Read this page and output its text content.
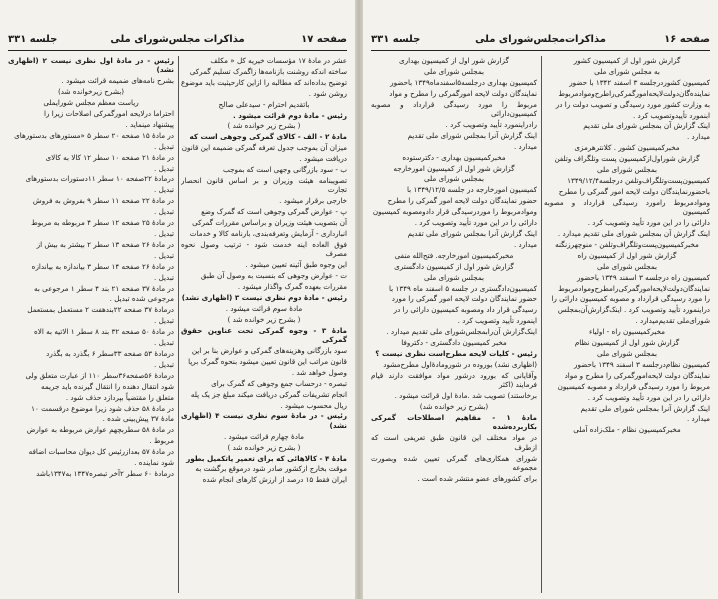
صفحه ۱۷
مذاکرات مجلس‌شورای ملی
جلسه ۳۳۱

عشر در مادهٔ ۱۷ مؤسسات خیریه کل « مکلف

ساخته اندکه روشنت بازنامه‌ها زاگمرک تسلیم گمرکی

توضیح بداده‌اند که مطالبه را ازاین کارحیثیت باید موضوع

روشن شود .

باتقدیم احترام - سیدعلی صالح

رئیس - مادهٔ دوم قرائت میشود .

( بشرح زیر خوانده شد )

مادهٔ ۲ - الف - کالای گمرکی وجوهی است که

میزان آن بموجب جدول تعرفه گمرکی ضمیمه این قانون

دریافت میشود .

ب - سود بازرگانی وجهی است که بموجب

تصویبنامه هیئت وزیران و بر اساس قانون انحصار تجارت

خارجی برقرار میشود .

پ - عوارض گمرکی وجوهی است که گمرک وضع

آن بتصویب هیئت وزیران و براساس مقررات گمرکی

انبارداری - آزمایش وتعرفه‌بندی، بارنامه کالا و خدمات

فوق العاده اینه خدمت شود - ترتیب وصول نحوه مصرف

این وجوه طبق آئینه تعیین میشود .

ت - عوارض وجوهی که بنسبت به وصول آن طبق

مقررات بعهده گمرک واگذار میشود .

رئیس - مادهٔ دوم نظری نیست ۳ (اظهاری نشد)

مادهٔ سوم قرائت میشود .

( بشرح زیر خوانده شد )

مادهٔ ۳ - وجوه گمرکی تحت عناوین حقوق گمرکی

سود بازرگانی وهزینه‌های گمرکی و عوارض بنا بر این

قانون مراتب این قانون تعیین میشود بنحوه گمرک برپا

وصول خواهد شد .

تبصره - درحساب جمع وجوهی که گمرک برای

انجام تشریفات گمرکی دریافت میکند مبلغ جز یک پله

ریال محسوب میشود .

رئیس - در مادهٔ سوم نظری نیست ۴ (اظهاری نشد)

مادهٔ چهارم قرائت میشود .

( بشرح زیر خوانده شد )

مادهٔ ۴ - کالاهائی که برای تعمیر یاتکمیل بطور

موقت بخارج ازکشور صادر شود درموقع برگشت به

ایران فقط ۱۵ درصد از ارزش کارهای انجام شده

رئیس - در مادهٔ اول نظری نیست ۲ (اظهاری نشد)

بشرح نامه‌های ضمیمه قرائت میشود .

(بشرح زیرخوانده شد)

ریاست معظم مجلس شورایملی

احتراما درلایحه امورگمرکی اصلاحات زیرا را

پیشنهاد مینماید .

در مادهٔ ۱۵ صفحه ۲۰ سطر ۵ «مستورهای بدستورهای

تبدیل .

در مادهٔ ۲۱ صفحه ۱۰ سطر ۱۲ کالا به کالای

تبدیل .

درمادهٔ ۲۲صفحه ۱۰ سطر ۱۱دستورات بدستورهای

تبدیل .

در مادهٔ ۲۲ صفحه ۱۱ سطر ۹ بفروش به فروش

تبدیل .

در مادهٔ ۲۵ صفحه ۱۲ سطر ۴ مربوطه به مربوط

تبدیل .

در مادهٔ ۲۶ صفحه ۱۳ سطر ۲ بیشتر به بیش از

تبدیل .

در مادهٔ ۲۶ صفحه ۱۴ سطر ۳ بیاندازه به بیاندازه

تبدیل .

در مادهٔ ۳۷ صفحه ۲۱ بند ۴ سطر ۱ مرجوعی به

مرجوعی شده تبدیل .

درمادهٔ ۳۷ صفحه ۲۲بندهفت ۲ مستعمل بمستعمل

تبدیل .

در مادهٔ ۵۰ صفحه ۳۲ بند ۸ سطر ۱ الاتیه به الاه

تبدیل .

درمادهٔ ۵۳ صفحه ۳۳سطر ۶ بگذرد به بگذرد

تبدیل .

درمادهٔ ۵۶صفحه۳۶سطر ۱۱۰ از عبارت متعلق ولی

شود انتقال دهنده را انتقال گیرنده باید جریمه

متعلق را مقتضیاً بپردازد حذف شود .

در مادهٔ ۵۸ حذف شود زیرا موضوع درقسمت ۱۰

مادهٔ ۳۷ پیش‌بینی شده .

در مادهٔ ۵۸ سطربچهم عوارض مربوطه به عوارض

مربوط .

در مادهٔ ۵۷ بعدازرئیس کل دیوان محاسبات اضافه

شود نماینده .

درمادهٔ ۶۰ سطر ۲آخر تبصره۱۳۴۷ به۱۳۴۷باشد

صفحه ۱۶
مذاکرات‌مجلس‌شورای ملی
جلسه ۳۳۱

گزارش شور اول از کمیسیون کشور

به مجلس شورای ملی

کمیسیون کشوردرجلسه ۳ اسفند ۱۳۴۲ با حضور

نماینده‌گان‌دولت‌لایحه‌امورگمرکی‌راطرح‌وموادمربوط

به وزارت کشور مورد رسیدگی و تصویب دولت را در

ابنمورد تأییدوتصویب کرد .

اینک گزارش آن بمجلس شورای ملی تقدیم

میدارد .

مخبرکمیسیون کشور . کلانترهرمزی

گزارش شوراول‌ازکمیسیون پست وتلگراف وتلفن

بمجلس شورای ملی

کمیسیون‌پست‌وتلگراف‌وتلفن درجلسه۱۳۴۹/۱۲/۴

باحضورنمایندگان دولت لایحه امور گمرکی را مطرح

وموادمربوط رامورد رسیدگی قرارداد و مصوبه کمیسیون

دارائی را در این مورد تأیید وتصویب کرد .

اینک گزارش آن بمجلس شورای ملی تقدیم میدارد .

مخبرکمیسیون‌پست‌وتلگراف‌وتلفن - منوچهرزنگنه

گزارش شور اول از کمیسیون راه

بمجلس شورای ملی

کمیسیون راه درجلسه ۳ اسفند ۱۳۴۹ باحضور

نمایندگان‌دولت‌لایحه‌امورگمرکی‌رامطرح‌ومواد‌مربوط

را مورد رسیدگی قرارداد و مصوبه کمیسیون دارائی را

دراینمورد تأیید وتصویب کرد . اینک‌گزارش‌آن‌بمجلس

شورای‌ملی تقدیم‌میدارد .

مخبرکمیسیون راه - اولیاء

گزارش شور اول از کمیسیون نظام

بمجلس شورای ملی

کمیسیون نظام‌درجلسه ۳ اسفند ۱۳۴۹ باحضور

نمایندگان دولت لایحه‌امورگمرکی را مطرح و مواد

مربوط را مورد رسیدگی قرارداد و مصوبه کمیسیون

دارائی را در این مورد تأیید وتصویب کرد .

اینک گزارش آنرا بمجلس شورای ملی تقدیم

میدارد .

مخبرکمیسیون نظام - ملک‌زاده آملی

گزارش شور اول از کمیسیون بهداری

بمجلس شورای ملی

کمیسیون بهداری درجلسه۵اسفندماه۱۳۴۹ باحضور

نمایندگان دولت لایحه امورگمرکی را مطرح و مواد

مربوط را مورد رسیدگی قرارداد و مصوبه کمیسیون‌دارائی

رادراینمورد تأیید وتصویب کرد .

اینک گزارش آنرا بمجلس شورای ملی تقدیم

میدارد .

مخبرکمیسیون بهداری - دکترستوده

گزارش شور اول از کمیسیون امورخارجه

بمجلس شورای ملی

کمیسیون امورخارجه در جلسه ۱۳۴۹/۱۲/۵ با

حضور نمایندگان دولت لایحه امور گمرکی را مطرح

وموادمربوط را موردرسیدگی قرار دادومصوبه کمیسیون

دارائی را در این مورد تأیید وتصویب کرد .

اینک گزارش آنرا بمجلس شورای ملی تقدیم

میدارد .

مخبرکمیسیون امورخارجه. فتح‌الله منفی

گزارش شور اول از کمیسیون دادگستری

بمجلس شورای ملی

کمیسیون‌دادگستری در جلسه ۵ اسفند ماه ۱۳۴۹ با

حضور نمایندگان دولت لایحه امور گمرکی را مورد

رسیدگی قرار داد ومصوبه کمیسیون دارائی را در

اینمورد تأیید وتصویب کرد .

اینک‌گزارش آن‌رابمجلس‌شورای ملی تقدیم میدارد .

مخبر کمیسیون دادگستری - دکتروفا

رئیس - کلیات لایحه مطرح‌است نظری نیست ؟

(اظهاری نشد) بوروده در شورومادهٔ‌اول مطرح‌مشود

وآقایانی که بورود درشور مواد موافقت دارند قیام فرمایند (اکثر

برخاستند) تصویب شد .مادهٔ اول قرائت میشود .

(بشرح زیر خوانده شد)

مادهٔ ۱ - مفاهیم اصطلاحات گمرکی بکاربرده‌شده

در مواد مختلف این قانون طبق تعریفی است که ازطرف

شورای همکاری‌های گمرکی تعیین شده وبصورت مجموعه

برای کشورهای عضو منتشر شده است .
